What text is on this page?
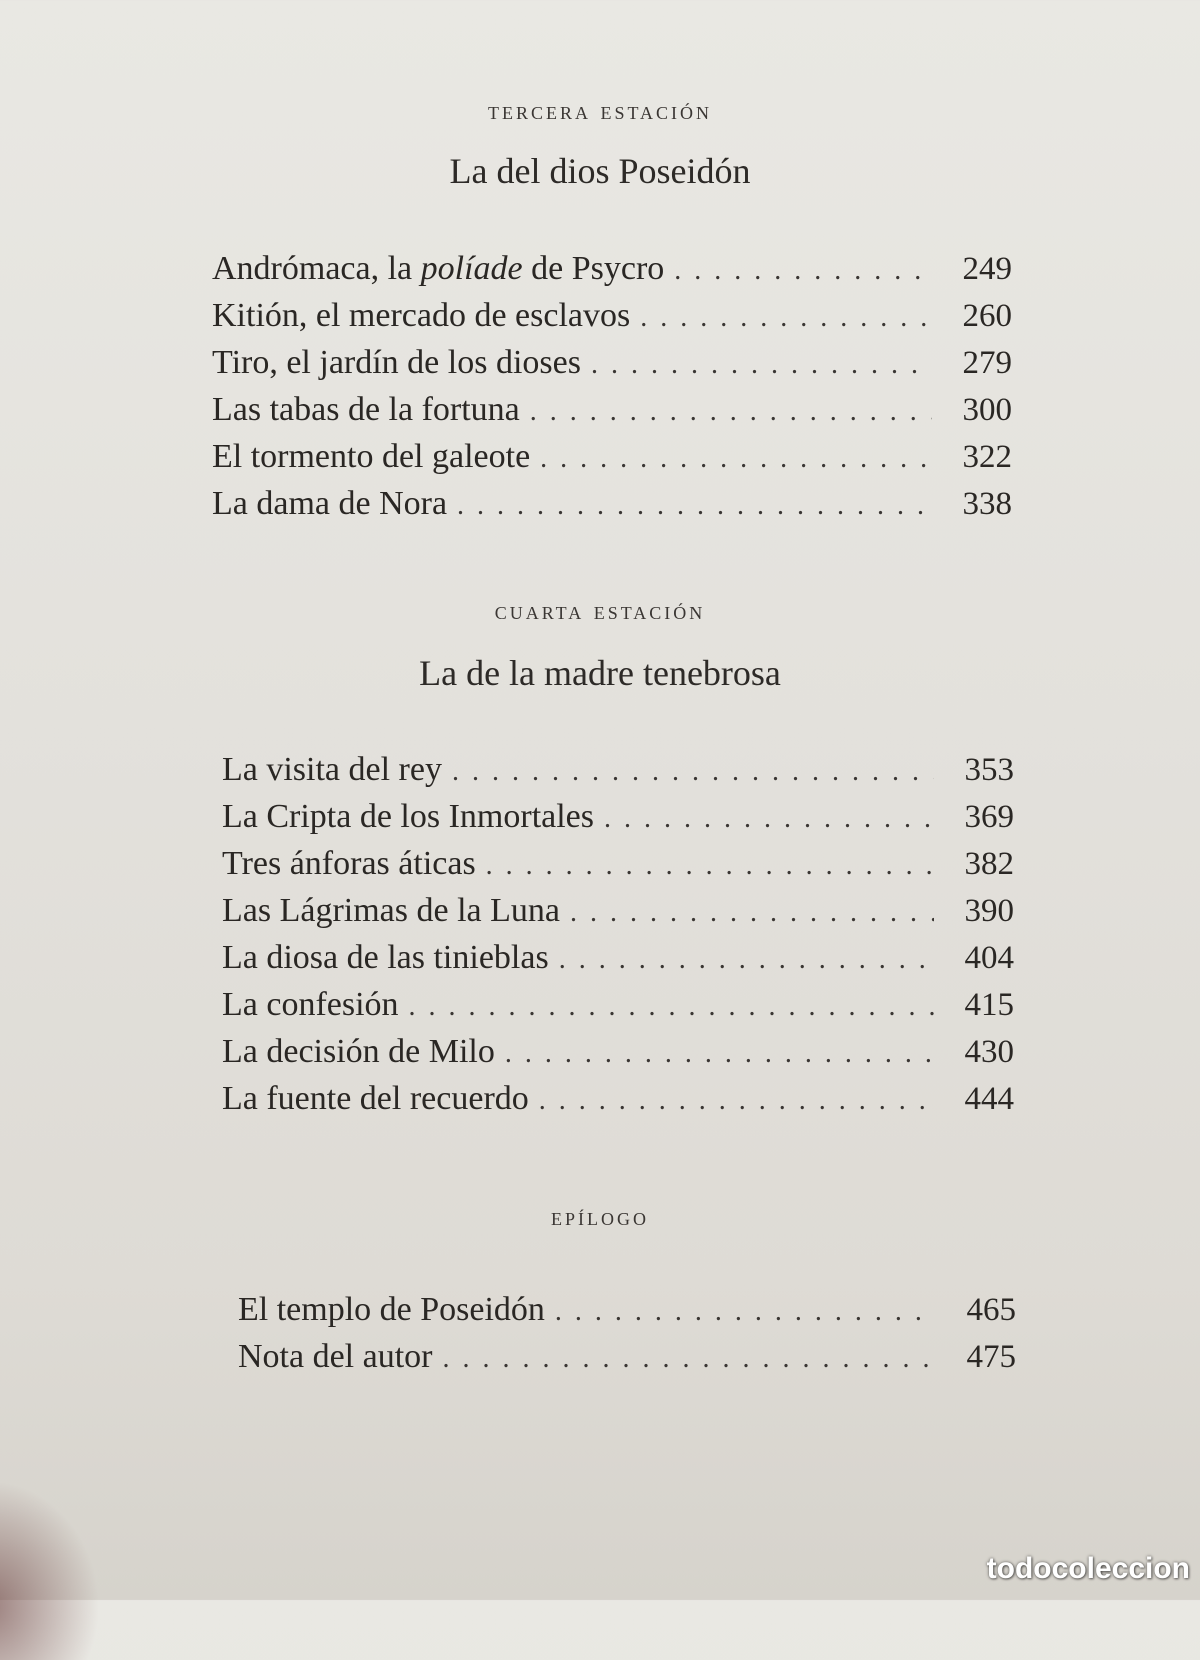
tercera estación
La del dios Poseidón
Andrómaca, la políade de Psycro . . .	249
Kitión, el mercado de esclavos . . .	260
Tiro, el jardín de los dioses . . .	279
Las tabas de la fortuna . . .	300
El tormento del galeote . . .	322
La dama de Nora . . .	338
cuarta estación
La de la madre tenebrosa
La visita del rey . . .	353
La Cripta de los Inmortales . . .	369
Tres ánforas áticas . . .	382
Las Lágrimas de la Luna . . .	390
La diosa de las tinieblas . . .	404
La confesión . . .	415
La decisión de Milo . . .	430
La fuente del recuerdo . . .	444
epílogo
El templo de Poseidón . . .	465
Nota del autor . . .	475
todocoleccion
